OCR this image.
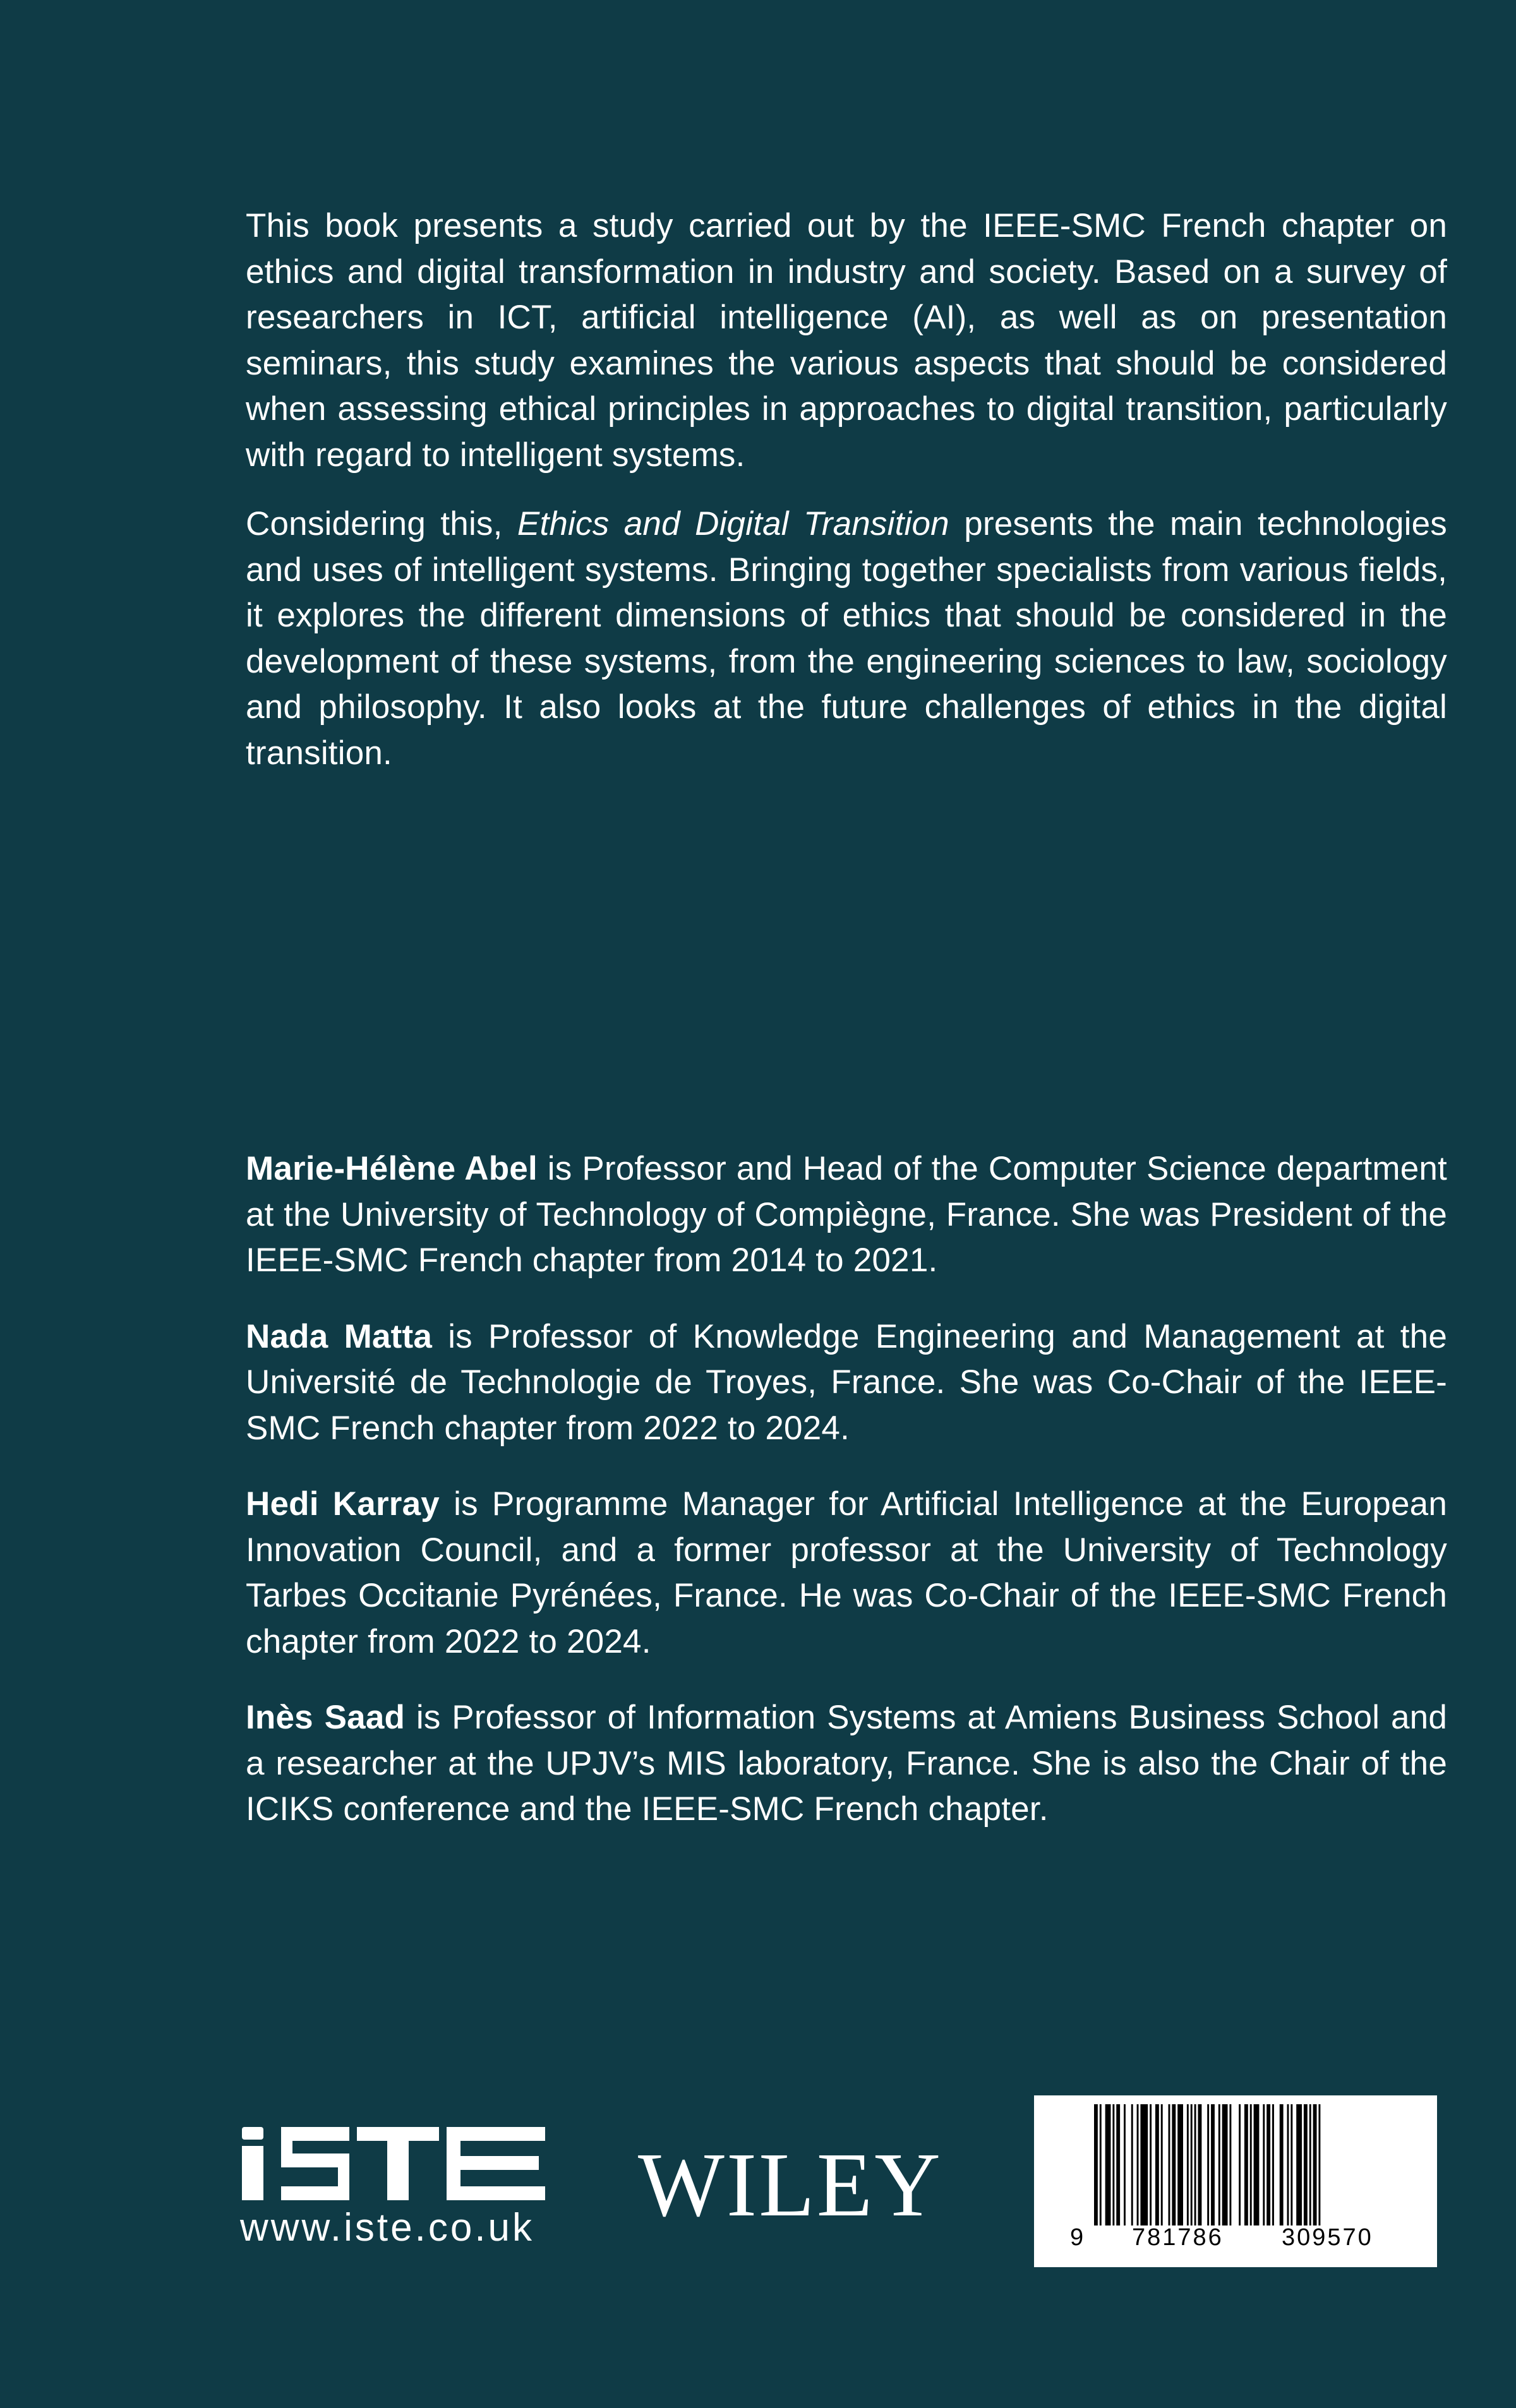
This book presents a study carried out by the IEEE-SMC French chapter on ethics and digital transformation in industry and society. Based on a survey of researchers in ICT, artificial intelligence (AI), as well as on presentation seminars, this study examines the various aspects that should be considered when assessing ethical principles in approaches to digital transition, particularly with regard to intelligent systems.

Considering this, Ethics and Digital Transition presents the main technologies and uses of intelligent systems. Bringing together specialists from various fields, it explores the different dimensions of ethics that should be considered in the development of these systems, from the engineering sciences to law, sociology and philosophy. It also looks at the future challenges of ethics in the digital transition.

Marie-Hélène Abel is Professor and Head of the Computer Science department at the University of Technology of Compiègne, France. She was President of the IEEE-SMC French chapter from 2014 to 2021.

Nada Matta is Professor of Knowledge Engineering and Management at the Université de Technologie de Troyes, France. She was Co-Chair of the IEEE-SMC French chapter from 2022 to 2024.

Hedi Karray is Programme Manager for Artificial Intelligence at the European Innovation Council, and a former professor at the University of Technology Tarbes Occitanie Pyrénées, France. He was Co-Chair of the IEEE-SMC French chapter from 2022 to 2024.

Inès Saad is Professor of Information Systems at Amiens Business School and a researcher at the UPJV’s MIS laboratory, France. She is also the Chair of the ICIKS conference and the IEEE-SMC French chapter.

www.iste.co.uk WILEY
9 781786 309570
